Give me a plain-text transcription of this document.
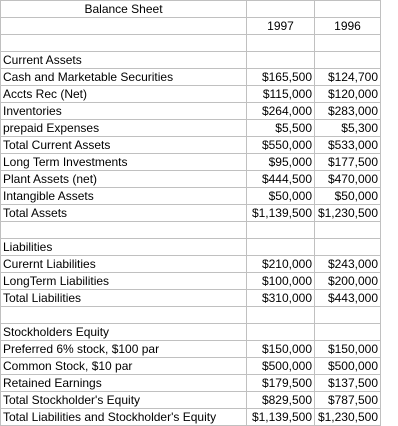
Balance Sheet		
	1997	1996

Current Assets		
Cash and Marketable Securities	$165,500	$124,700
Accts Rec (Net)	$115,000	$120,000
Inventories	$264,000	$283,000
prepaid Expenses	$5,500	$5,300
Total Current Assets	$550,000	$533,000
Long Term Investments	$95,000	$177,500
Plant Assets (net)	$444,500	$470,000
Intangible Assets	$50,000	$50,000
Total Assets	$1,139,500	$1,230,500

Liabilities		
Curernt Liabilities	$210,000	$243,000
LongTerm Liabilities	$100,000	$200,000
Total Liabilities	$310,000	$443,000

Stockholders Equity		
Preferred 6% stock, $100 par	$150,000	$150,000
Common Stock, $10 par	$500,000	$500,000
Retained Earnings	$179,500	$137,500
Total Stockholder's Equity	$829,500	$787,500
Total Liabilities and Stockholder's Equity	$1,139,500	$1,230,500
